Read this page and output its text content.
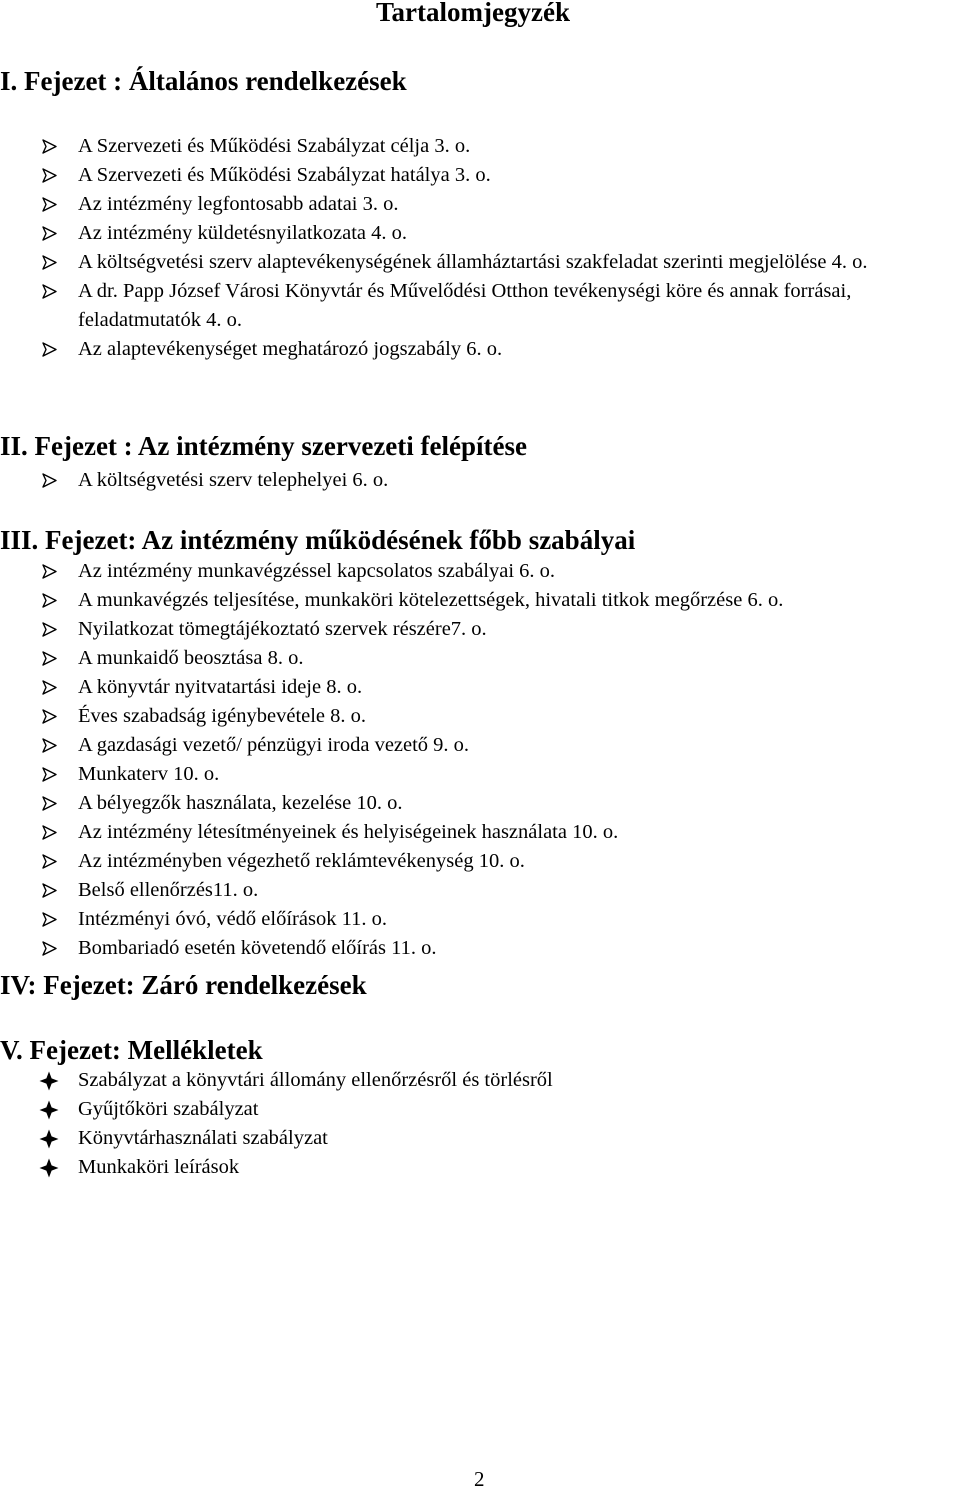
Tartalomjegyzék
I. Fejezet : Általános rendelkezések
A Szervezeti és Működési Szabályzat célja 3. o.
A Szervezeti és Működési Szabályzat hatálya 3. o.
Az intézmény legfontosabb adatai 3. o.
Az intézmény küldetésnyilatkozata 4. o.
A költségvetési szerv alaptevékenységének államháztartási szakfeladat szerinti megjelölése 4. o.
A dr. Papp József Városi Könyvtár és Művelődési Otthon tevékenységi köre és annak forrásai, feladatmutatók 4. o.
Az alaptevékenységet meghatározó jogszabály 6. o.
II. Fejezet : Az intézmény szervezeti felépítése
A költségvetési szerv telephelyei 6. o.
III. Fejezet: Az intézmény működésének főbb szabályai
Az intézmény munkavégzéssel kapcsolatos szabályai 6. o.
A munkavégzés teljesítése, munkaköri kötelezettségek, hivatali titkok megőrzése 6. o.
Nyilatkozat tömegtájékoztató szervek részére7. o.
A munkaidő beosztása 8. o.
A könyvtár nyitvatartási ideje 8. o.
Éves szabadság igénybevétele 8. o.
A gazdasági vezető/ pénzügyi iroda vezető 9. o.
Munkaterv 10. o.
A bélyegzők használata, kezelése 10. o.
Az intézmény létesítményeinek és helyiségeinek használata 10. o.
Az intézményben végezhető reklámtevékenység 10. o.
Belső ellenőrzés11. o.
Intézményi óvó, védő előírások 11. o.
Bombariadó esetén követendő előírás 11. o.
IV: Fejezet: Záró rendelkezések
V. Fejezet: Mellékletek
Szabályzat a könyvtári állomány ellenőrzésről és törlésről
Gyűjtőköri szabályzat
Könyvtárhasználati szabályzat
Munkaköri leírások
2
